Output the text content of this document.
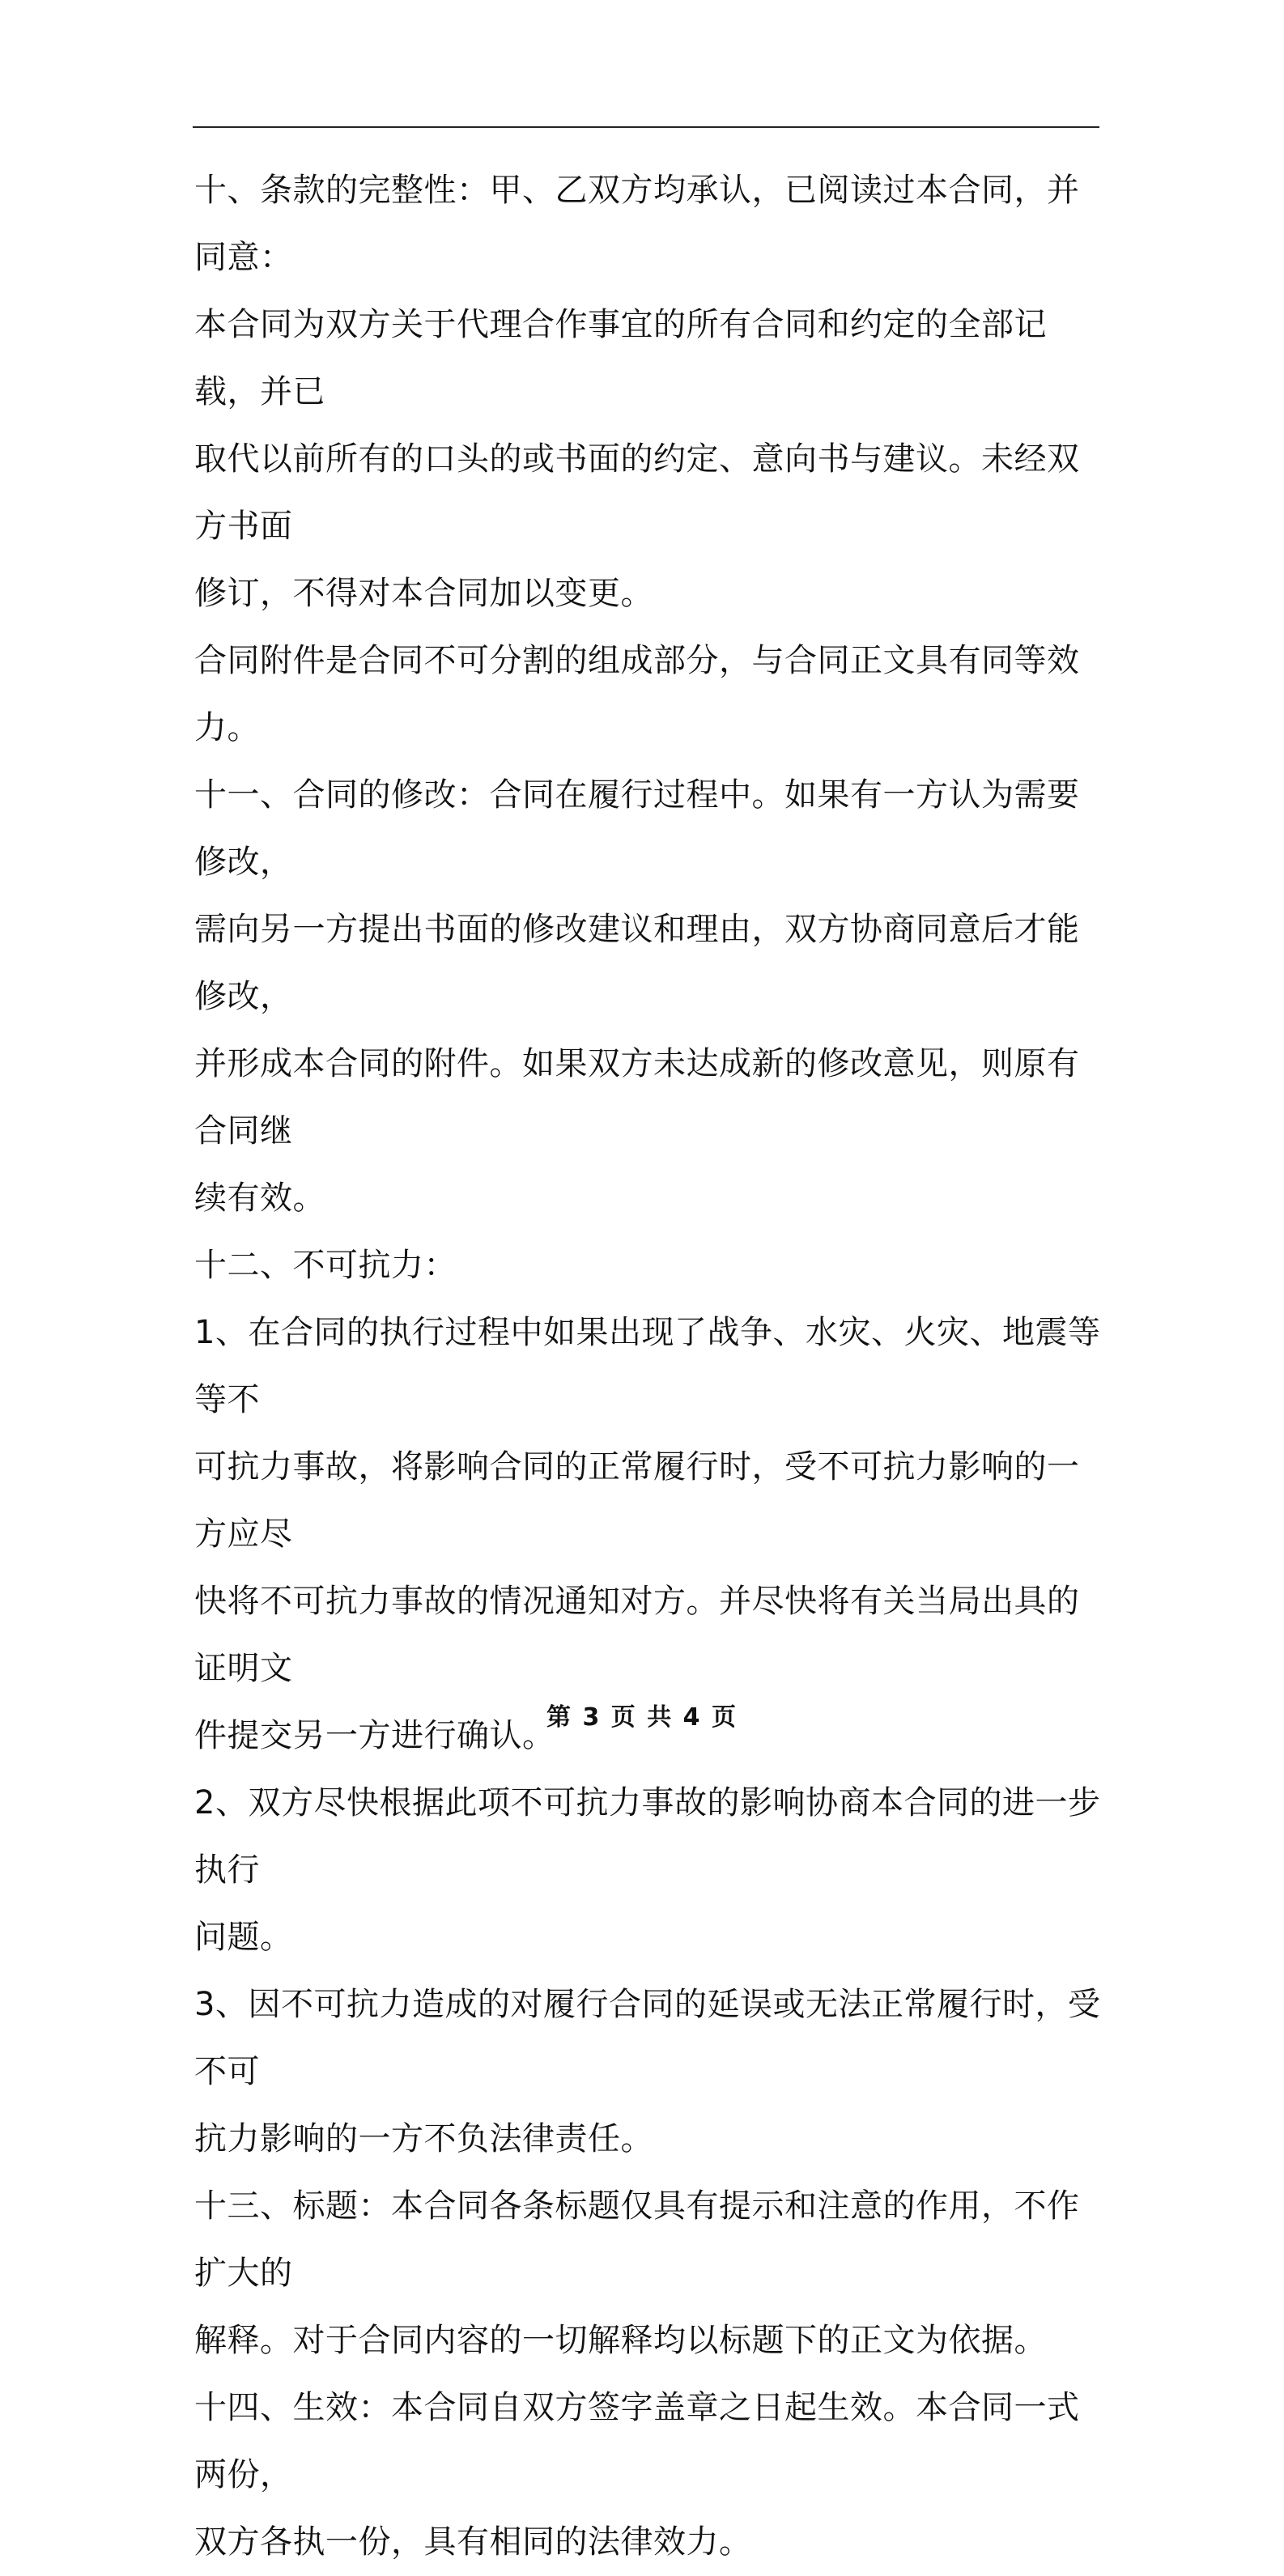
十、条款的完整性：甲、乙双方均承认，已阅读过本合同，并同意：

本合同为双方关于代理合作事宜的所有合同和约定的全部记载，并已

取代以前所有的口头的或书面的约定、意向书与建议。未经双方书面

修订，不得对本合同加以变更。

合同附件是合同不可分割的组成部分，与合同正文具有同等效力。

十一、合同的修改：合同在履行过程中。如果有一方认为需要修改，

需向另一方提出书面的修改建议和理由，双方协商同意后才能修改，

并形成本合同的附件。如果双方未达成新的修改意见，则原有合同继

续有效。

十二、不可抗力：

1、在合同的执行过程中如果出现了战争、水灾、火灾、地震等等不

可抗力事故，将影响合同的正常履行时，受不可抗力影响的一方应尽

快将不可抗力事故的情况通知对方。并尽快将有关当局出具的证明文

件提交另一方进行确认。

2、双方尽快根据此项不可抗力事故的影响协商本合同的进一步执行

问题。

3、因不可抗力造成的对履行合同的延误或无法正常履行时，受不可

抗力影响的一方不负法律责任。

十三、标题：本合同各条标题仅具有提示和注意的作用，不作扩大的

解释。对于合同内容的一切解释均以标题下的正文为依据。

十四、生效：本合同自双方签字盖章之日起生效。本合同一式两份，

双方各执一份，具有相同的法律效力。

第 3 页 共 4 页
